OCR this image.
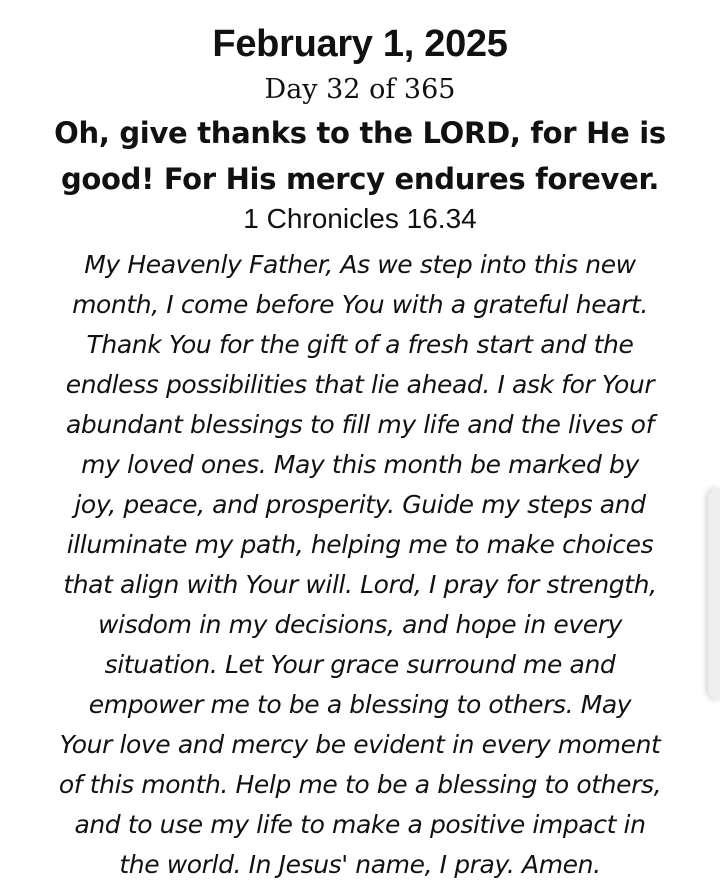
February 1, 2025
Day 32 of 365
Oh, give thanks to the LORD, for He is
good! For His mercy endures forever.
1 Chronicles 16.34
My Heavenly Father, As we step into this new
month, I come before You with a grateful heart.
Thank You for the gift of a fresh start and the
endless possibilities that lie ahead. I ask for Your
abundant blessings to fill my life and the lives of
my loved ones. May this month be marked by
joy, peace, and prosperity. Guide my steps and
illuminate my path, helping me to make choices
that align with Your will. Lord, I pray for strength,
wisdom in my decisions, and hope in every
situation. Let Your grace surround me and
empower me to be a blessing to others. May
Your love and mercy be evident in every moment
of this month. Help me to be a blessing to others,
and to use my life to make a positive impact in
the world. In Jesus' name, I pray. Amen.
